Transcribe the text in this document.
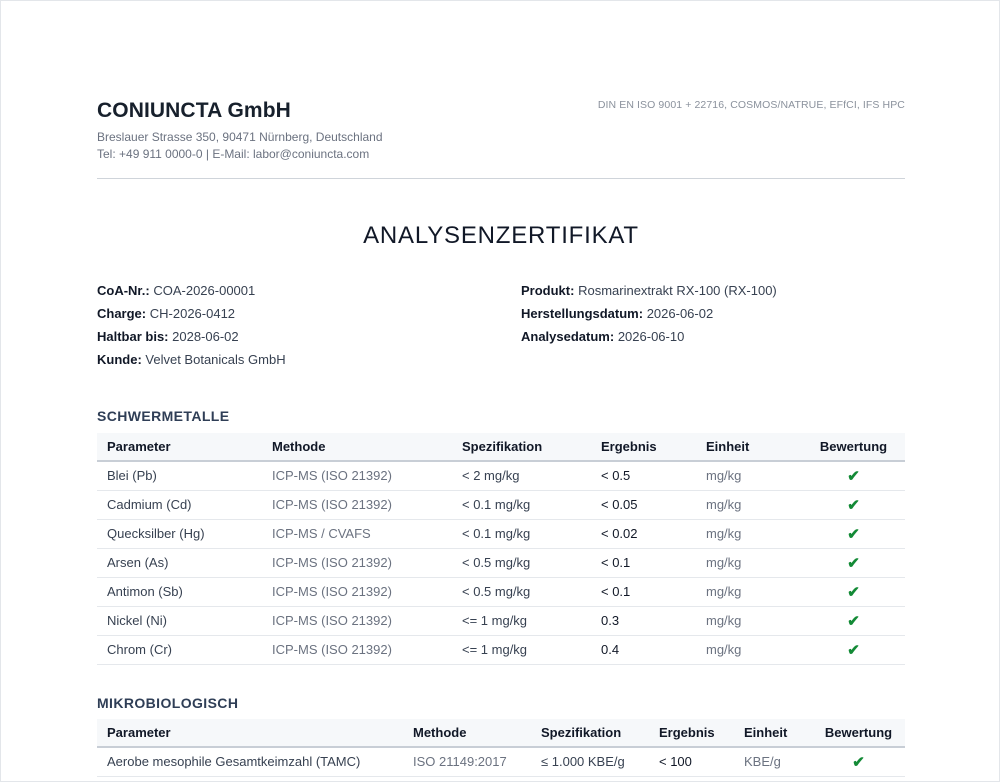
CONIUNCTA GmbH
Breslauer Strasse 350, 90471 Nürnberg, Deutschland
Tel: +49 911 0000-0 | E-Mail: labor@coniuncta.com
DIN EN ISO 9001 + 22716, COSMOS/NATRUE, EFfCI, IFS HPC
ANALYSENZERTIFIKAT
CoA-Nr.: COA-2026-00001
Charge: CH-2026-0412
Haltbar bis: 2028-06-02
Kunde: Velvet Botanicals GmbH
Produkt: Rosmarinextrakt RX-100 (RX-100)
Herstellungsdatum: 2026-06-02
Analysedatum: 2026-06-10
SCHWERMETALLE
Parameter	Methode	Spezifikation	Ergebnis	Einheit	Bewertung
Blei (Pb)	ICP-MS (ISO 21392)	< 2 mg/kg	< 0.5	mg/kg	✔
Cadmium (Cd)	ICP-MS (ISO 21392)	< 0.1 mg/kg	< 0.05	mg/kg	✔
Quecksilber (Hg)	ICP-MS / CVAFS	< 0.1 mg/kg	< 0.02	mg/kg	✔
Arsen (As)	ICP-MS (ISO 21392)	< 0.5 mg/kg	< 0.1	mg/kg	✔
Antimon (Sb)	ICP-MS (ISO 21392)	< 0.5 mg/kg	< 0.1	mg/kg	✔
Nickel (Ni)	ICP-MS (ISO 21392)	<= 1 mg/kg	0.3	mg/kg	✔
Chrom (Cr)	ICP-MS (ISO 21392)	<= 1 mg/kg	0.4	mg/kg	✔
MIKROBIOLOGISCH
Parameter	Methode	Spezifikation	Ergebnis	Einheit	Bewertung
Aerobe mesophile Gesamtkeimzahl (TAMC)	ISO 21149:2017	≤ 1.000 KBE/g	< 100	KBE/g	✔
